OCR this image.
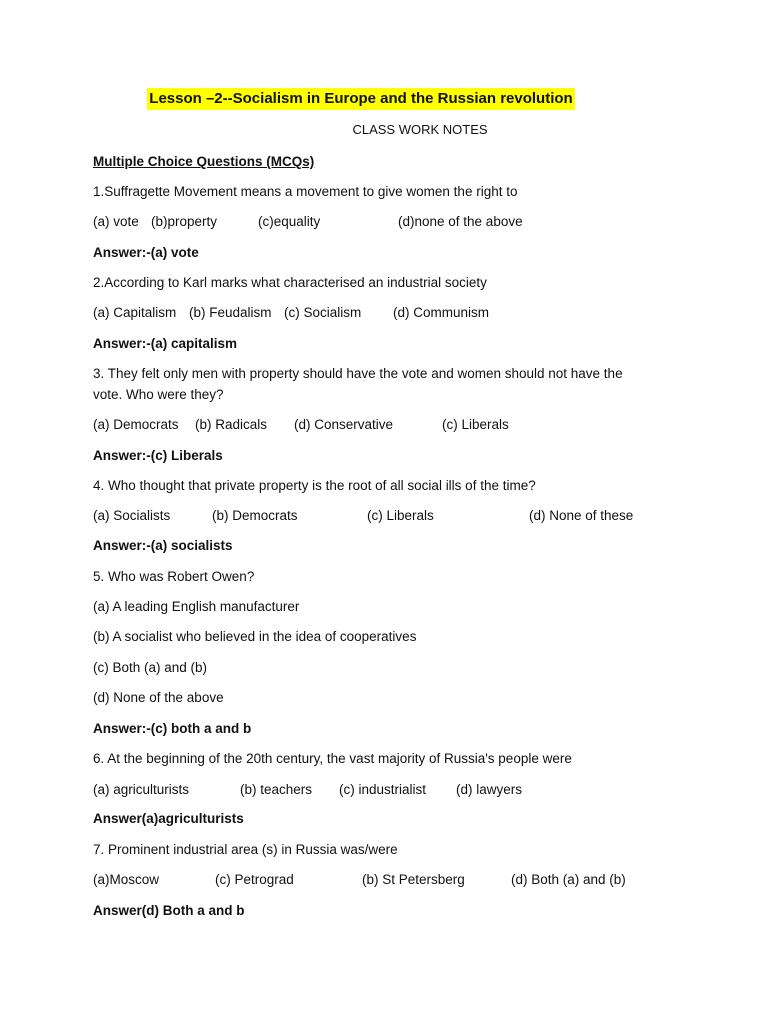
Lesson –2--Socialism in Europe and the Russian revolution
CLASS WORK NOTES
Multiple Choice Questions (MCQs)
1.Suffragette Movement means a movement to give women the right to
(a) vote (b)property	(c)equality	(d)none of the above
Answer:-(a) vote
2.According to Karl marks what characterised an industrial society
(a) Capitalism (b) Feudalism (c) Socialism (d) Communism
Answer:-(a) capitalism
3. They felt only men with property should have the vote and women should not have the
vote. Who were they?
(a) Democrats (b) Radicals (d) Conservative	(c) Liberals
Answer:-(c) Liberals
4. Who thought that private property is the root of all social ills of the time?
(a) Socialists	(b) Democrats	(c) Liberals	(d) None of these
Answer:-(a) socialists
5. Who was Robert Owen?
(a) A leading English manufacturer
(b) A socialist who believed in the idea of cooperatives
(c) Both (a) and (b)
(d) None of the above
Answer:-(c) both a and b
6. At the beginning of the 20th century, the vast majority of Russia's people were
(a) agriculturists	(b) teachers (c) industrialist (d) lawyers
Answer(a)agriculturists
7. Prominent industrial area (s) in Russia was/were
(a)Moscow	(c) Petrograd	(b) St Petersberg	(d) Both (a) and (b)
Answer(d) Both a and b
